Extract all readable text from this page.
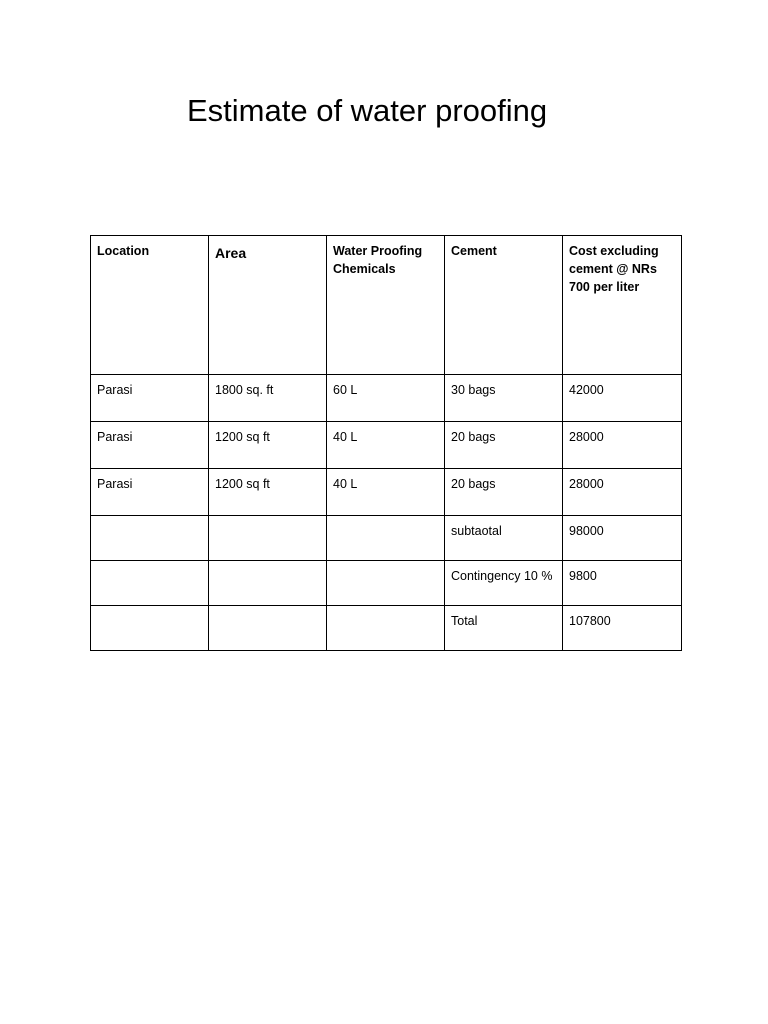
Estimate of water proofing
Location	Area	Water Proofing Chemicals	Cement	Cost excluding cement @ NRs 700 per liter
Parasi	1800 sq. ft	60 L	30 bags	42000
Parasi	1200 sq ft	40 L	20 bags	28000
Parasi	1200 sq ft	40 L	20 bags	28000
			subtaotal	98000
			Contingency 10 %	9800
			Total	107800
